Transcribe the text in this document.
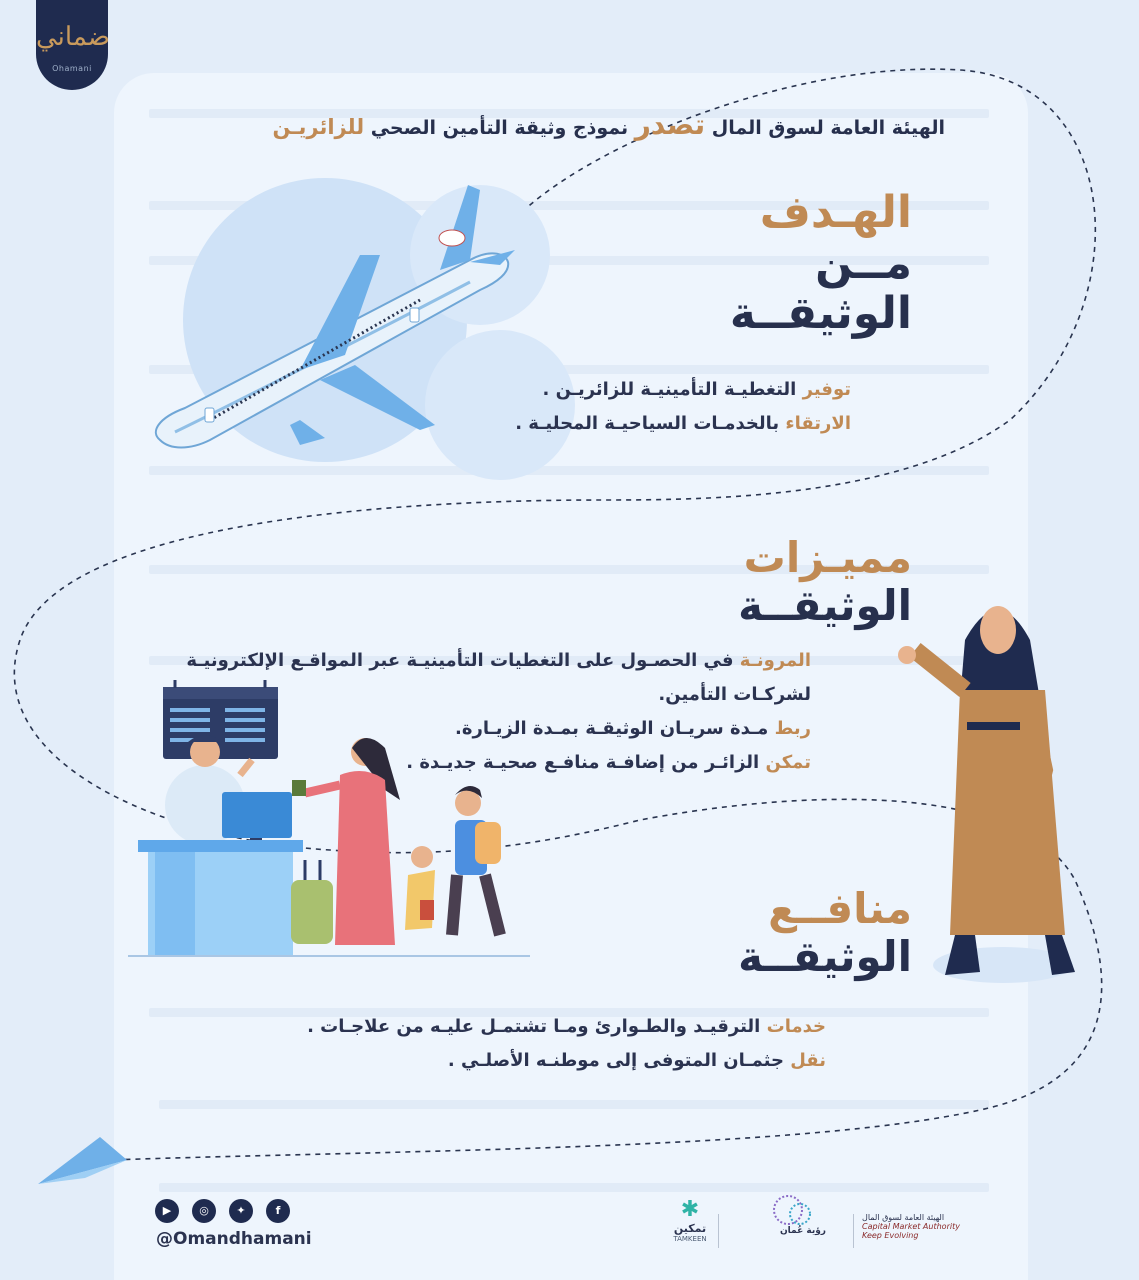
ضماني
Ohamani
الهيئة العامة لسوق المال تصدر نموذج وثيقة التأمين الصحي للزائريـن
الهـدف
مــن
الوثيقــة
توفير التغطيـة التأمينيـة للزائريـن .
الارتقاء بالخدمـات السياحيـة المحليـة .
مميـزات
الوثيقــة
المرونـة في الحصـول على التغطيات التأمينيـة عبر المواقـع الإلكترونيـة
لشركـات التأمين.
ربط مـدة سريـان الوثيقـة بمـدة الزيـارة.
تمكن الزائـر من إضافـة منافـع صحيـة جديـدة .
منافــع
الوثيقــة
خدمات الترقيـد والطـوارئ ومـا تشتمـل عليـه من علاجـات .
نقل جثمـان المتوفى إلى موطنـه الأصلـي .
▶	◎	✦	f
@Omandhamani
✱
تمكين
TAMKEEN
رؤية عُمان
الهيئة العامة لسوق المال
Capital Market Authority
Keep Evolving
